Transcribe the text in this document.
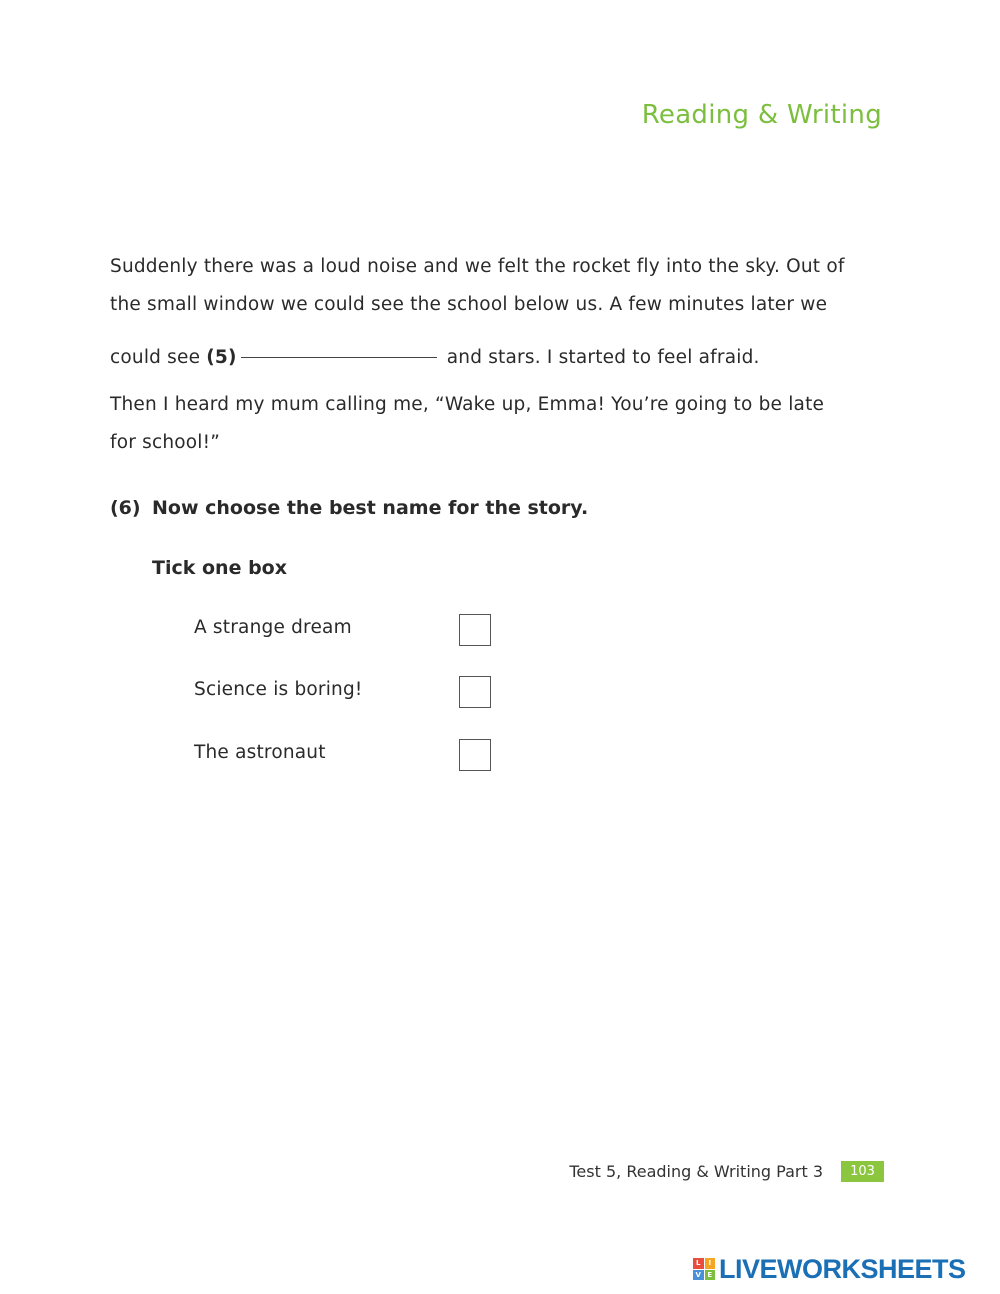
Reading & Writing
Suddenly there was a loud noise and we felt the rocket fly into the sky. Out of
the small window we could see the school below us. A few minutes later we
could see (5)	and stars. I started to feel afraid.
Then I heard my mum calling me, “Wake up, Emma! You’re going to be late
for school!”
(6) Now choose the best name for the story.
Tick one box
A strange dream
Science is boring!
The astronaut
Test 5, Reading & Writing Part 3	103
L	I
V E LIVEWORKSHEETS
